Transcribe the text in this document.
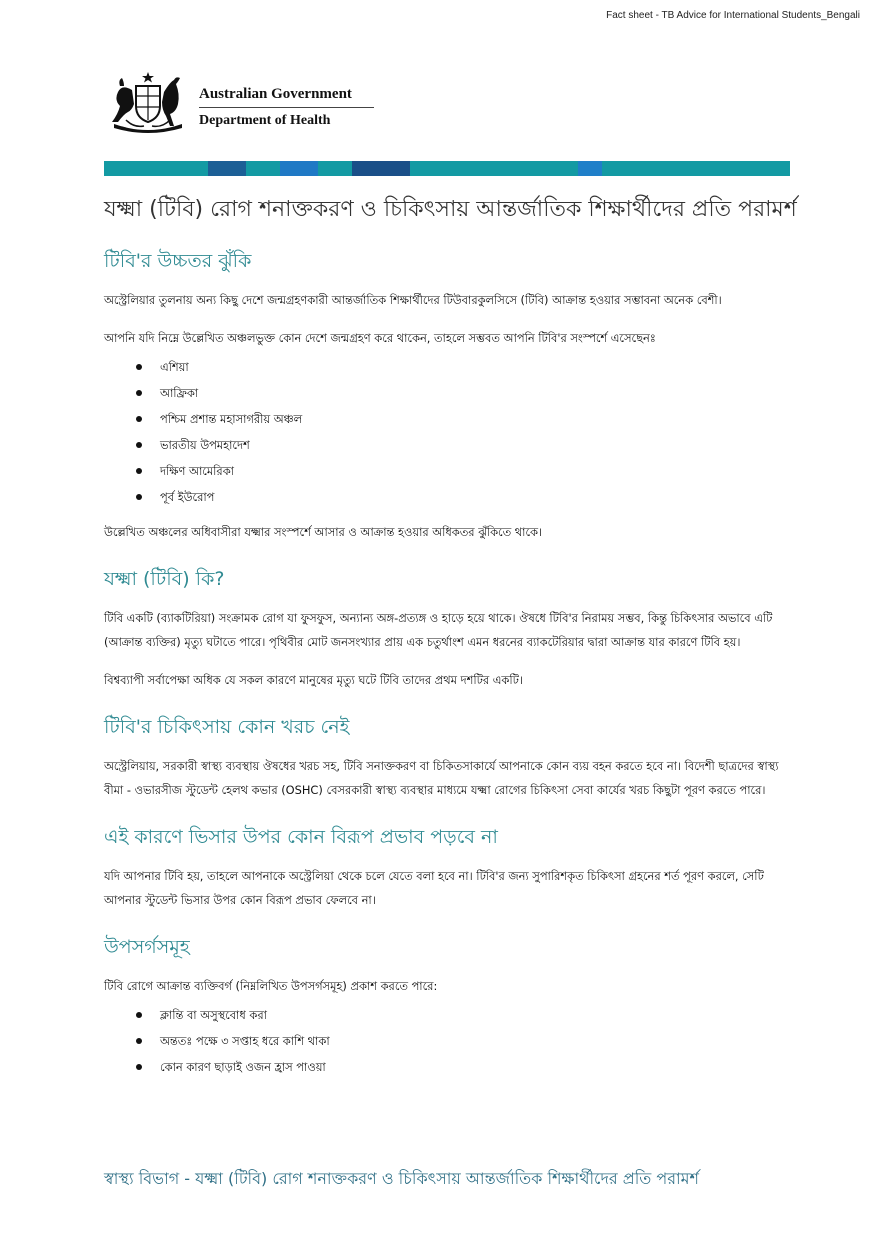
Fact sheet - TB Advice for International Students_Bengali
Australian Government
Department of Health
যক্ষ্মা (টিবি) রোগ শনাক্তকরণ ও চিকিৎসায় আন্তর্জাতিক শিক্ষার্থীদের প্রতি পরামর্শ
টিবি'র উচ্চতর ঝুঁকি

অস্ট্রেলিয়ার তুলনায় অন্য কিছু দেশে জন্মগ্রহণকারী আন্তর্জাতিক শিক্ষার্থীদের টিউবারকুলসিসে (টিবি) আক্রান্ত হওয়ার সম্ভাবনা অনেক বেশী।

আপনি যদি নিম্নে উল্লেখিত অঞ্চলভুক্ত কোন দেশে জন্মগ্রহণ করে থাকেন, তাহলে সম্ভবত আপনি টিবি'র সংস্পর্শে এসেছেনঃ

এশিয়া
আফ্রিকা
পশ্চিম প্রশান্ত মহাসাগরীয় অঞ্চল
ভারতীয় উপমহাদেশ
দক্ষিণ আমেরিকা
পূর্ব ইউরোপ

উল্লেখিত অঞ্চলের অধিবাসীরা যক্ষ্মার সংস্পর্শে আসার ও আক্রান্ত হওয়ার অধিকতর ঝুঁকিতে থাকে।

যক্ষ্মা (টিবি) কি?

টিবি একটি (ব্যাকটিরিয়া) সংক্রামক রোগ যা ফুসফুস, অন্যান্য অঙ্গ-প্রত্যঙ্গ ও হাড়ে হয়ে থাকে। ঔষধে টিবি'র নিরাময় সম্ভব, কিন্তু চিকিৎসার অভাবে এটি (আক্রান্ত ব্যক্তির) মৃত্যু ঘটাতে পারে। পৃথিবীর মোট জনসংখ্যার প্রায় এক চতুর্থাংশ এমন ধরনের ব্যাকটেরিয়ার দ্বারা আক্রান্ত যার কারণে টিবি হয়।

বিশ্বব্যাপী সর্বাপেক্ষা অধিক যে সকল কারণে মানুষের মৃত্যু ঘটে টিবি তাদের প্রথম দশটির একটি।

টিবি'র চিকিৎসায় কোন খরচ নেই

অস্ট্রেলিয়ায়, সরকারী স্বাস্থ্য ব্যবস্থায় ঔষধের খরচ সহ, টিবি সনাক্তকরণ বা চিকিতসাকার্যে আপনাকে কোন ব্যয় বহন করতে হবে না। বিদেশী ছাত্রদের স্বাস্থ্য বীমা - ওভারসীজ স্টুডেন্ট হেলথ কভার (OSHC) বেসরকারী স্বাস্থ্য ব্যবস্থার মাধ্যমে যক্ষ্মা রোগের চিকিৎসা সেবা কার্যের খরচ কিছুটা পূরণ করতে পারে।

এই কারণে ভিসার উপর কোন বিরূপ প্রভাব পড়বে না

যদি আপনার টিবি হয়, তাহলে আপনাকে অস্ট্রেলিয়া থেকে চলে যেতে বলা হবে না। টিবি'র জন্য সুপারিশকৃত চিকিৎসা গ্রহনের শর্ত পূরণ করলে, সেটি আপনার স্টুডেন্ট ভিসার উপর কোন বিরূপ প্রভাব ফেলবে না।

উপসর্গসমূহ

টিবি রোগে আক্রান্ত ব্যক্তিবর্গ (নিম্নলিখিত উপসর্গসমূহ) প্রকাশ করতে পারে:

ক্লান্তি বা অসুস্থবোধ করা
অন্ততঃ পক্ষে ৩ সপ্তাহ ধরে কাশি থাকা
কোন কারণ ছাড়াই ওজন হ্রাস পাওয়া
স্বাস্থ্য বিভাগ - যক্ষ্মা (টিবি) রোগ শনাক্তকরণ ও চিকিৎসায় আন্তর্জাতিক শিক্ষার্থীদের প্রতি পরামর্শ
